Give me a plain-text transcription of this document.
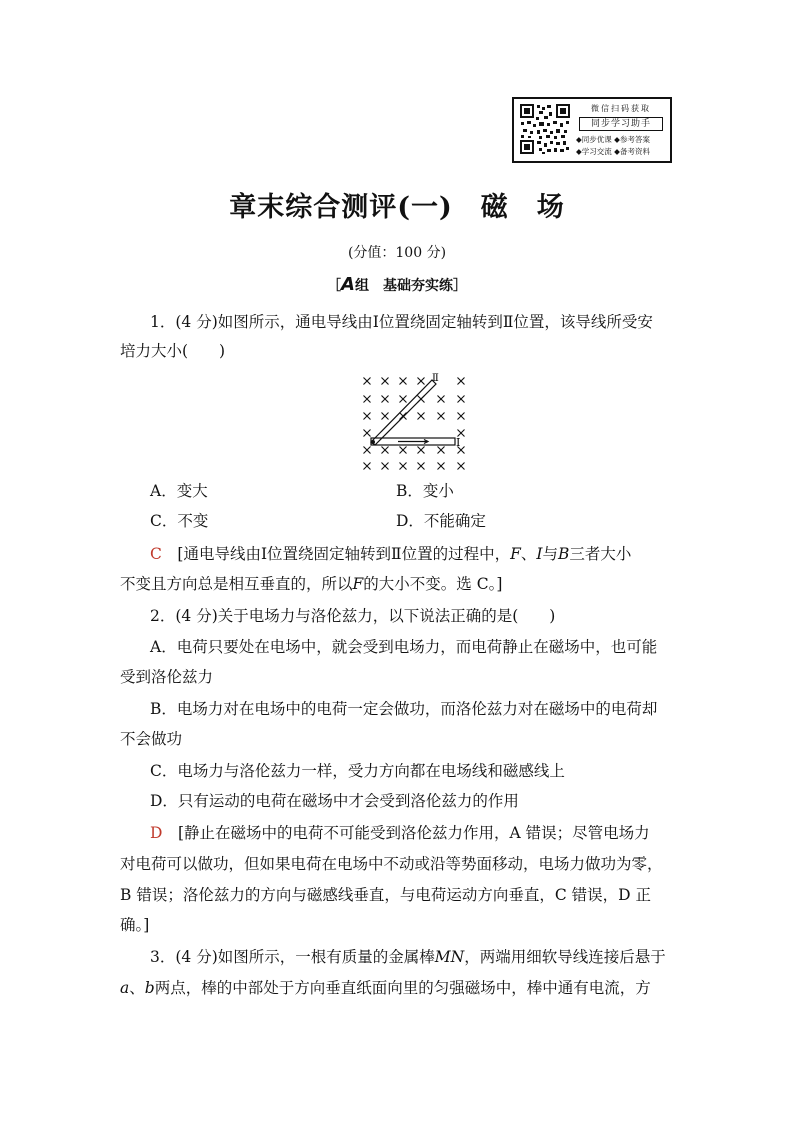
微信扫码获取
同步学习助手
◆同步优课 ◆参考答案
◆学习交流 ◆备考资料
章末综合测评(一)　磁　场
(分值：100 分)
［A组　基础夯实练］
1．(4 分)如图所示，通电导线由Ⅰ位置绕固定轴转到Ⅱ位置，该导线所受安
培力大小(　　)
Ⅰ
Ⅱ
A．变大	B．变小
C．不变	D．不能确定
C　 [通电导线由Ⅰ位置绕固定轴转到Ⅱ位置的过程中，F、I与B三者大小
不变且方向总是相互垂直的，所以F的大小不变。选 C。]
2．(4 分)关于电场力与洛伦兹力，以下说法正确的是(　　)
A．电荷只要处在电场中，就会受到电场力，而电荷静止在磁场中，也可能
受到洛伦兹力
B．电场力对在电场中的电荷一定会做功，而洛伦兹力对在磁场中的电荷却
不会做功
C．电场力与洛伦兹力一样，受力方向都在电场线和磁感线上
D．只有运动的电荷在磁场中才会受到洛伦兹力的作用
D　 [静止在磁场中的电荷不可能受到洛伦兹力作用，A 错误；尽管电场力
对电荷可以做功，但如果电荷在电场中不动或沿等势面移动，电场力做功为零，
B 错误；洛伦兹力的方向与磁感线垂直，与电荷运动方向垂直，C 错误，D 正
确。]
3．(4 分)如图所示，一根有质量的金属棒MN，两端用细软导线连接后悬于
a、b两点，棒的中部处于方向垂直纸面向里的匀强磁场中，棒中通有电流，方
